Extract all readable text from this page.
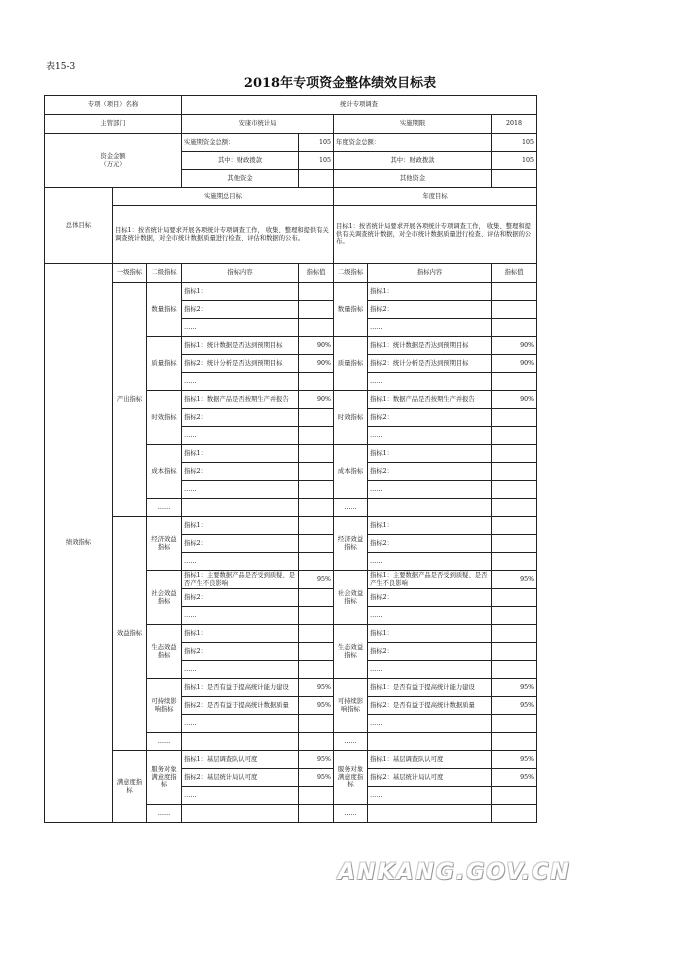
表15-3
2018年专项资金整体绩效目标表
专项（项目）名称			统计专项调查				
主管部门			安康市统计局		实施期限		2018

资金金额
（万元）			实施期资金总额：	105	年度资金总额：		105
			其中：财政拨款	105	其中：财政拨款		105
			其他资金		其他资金		
总体目标	实施期总目标				年度目标		
	目标1：按省统计局要求开展各项统计专项调查工作， 收集、整理和提供有关调查统计数据，对全市统计数据质量进行检查、评估和数据的公布。				目标1：按省统计局要求开展各项统计专项调查工作， 收集、整理和提供有关调查统计数据，对全市统计数据质量进行检查、评估和数据的公布。		
绩效指标	一级指标	二级指标	指标内容	指标值	二级指标	指标内容	指标值
	产出指标	数量指标	指标1：		数量指标	指标1：	
			指标2：			指标2：	
			……			……	
		质量指标	指标1：统计数据是否达到预期目标	90%	质量指标	指标1：统计数据是否达到预期目标	90%
			指标2：统计分析是否达到预期目标	90%		指标2：统计分析是否达到预期目标	90%
			……			……	
		时效指标	指标1：数据产品是否按期生产并报告	90%	时效指标	指标1：数据产品是否按期生产并报告	90%
			指标2：			指标2：	
			……			……	
		成本指标	指标1：		成本指标	指标1：	
			指标2：			指标2：	
			……			……	
		……			……		
	效益指标	经济效益指标	指标1：		经济效益指标	指标1：	
			指标2：			指标2：	
			……			……	
		社会效益指标	指标1：主要数据产品是否受到质疑、是否产生不良影响	95%	社会效益指标	指标1：主要数据产品是否受到质疑、是否产生不良影响	95%
			指标2：			指标2：	
			……			……	
		生态效益指标	指标1：		生态效益指标	指标1：	
			指标2：			指标2：	
			……			……	
		可持续影响指标	指标1：是否有益于提高统计能力建设	95%	可持续影响指标	指标1：是否有益于提高统计能力建设	95%
			指标2：是否有益于提高统计数据质量	95%		指标2：是否有益于提高统计数据质量	95%
			……			……	
		……			……		
	满意度指标	服务对象满意度指标	指标1：基层调查队认可度	95%	服务对象满意度指标	指标1：基层调查队认可度	95%
			指标2：基层统计局认可度	95%		指标2：基层统计局认可度	95%
			……			……	
		……			……		
ANKANG.GOV.CN
